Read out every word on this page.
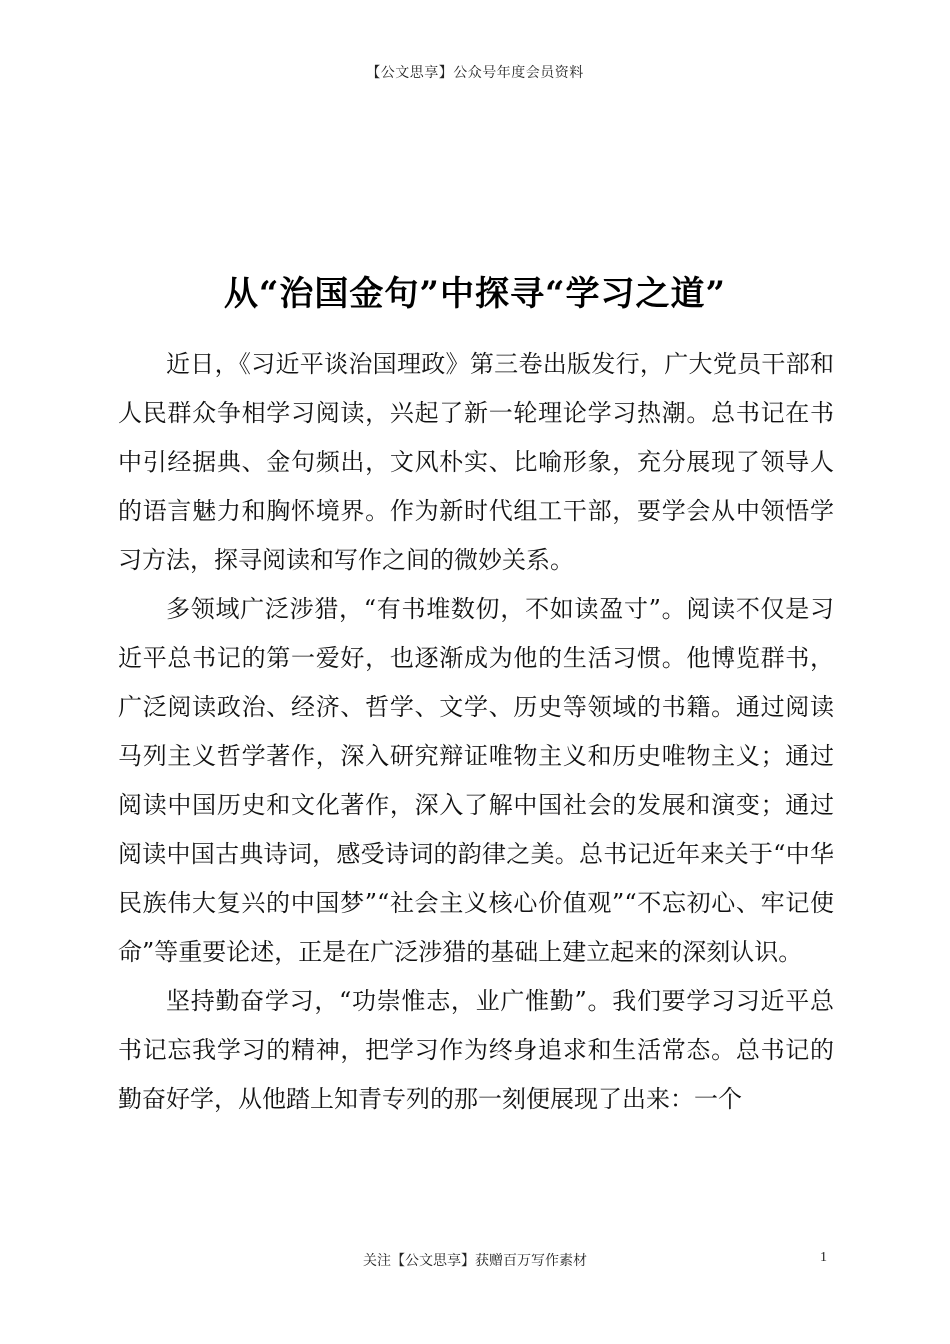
【公文思享】公众号年度会员资料
从“治国金句”中探寻“学习之道”

近日，《习近平谈治国理政》第三卷出版发行，广大党员干部和人民群众争相学习阅读，兴起了新一轮理论学习热潮。总书记在书中引经据典、金句频出，文风朴实、比喻形象，充分展现了领导人的语言魅力和胸怀境界。作为新时代组工干部，要学会从中领悟学习方法，探寻阅读和写作之间的微妙关系。

多领域广泛涉猎，“有书堆数仞，不如读盈寸”。阅读不仅是习近平总书记的第一爱好，也逐渐成为他的生活习惯。他博览群书，广泛阅读政治、经济、哲学、文学、历史等领域的书籍。通过阅读马列主义哲学著作，深入研究辩证唯物主义和历史唯物主义；通过阅读中国历史和文化著作，深入了解中国社会的发展和演变；通过阅读中国古典诗词，感受诗词的韵律之美。总书记近年来关于“中华民族伟大复兴的中国梦”“社会主义核心价值观”“不忘初心、牢记使命”等重要论述，正是在广泛涉猎的基础上建立起来的深刻认识。

坚持勤奋学习，“功崇惟志，业广惟勤”。我们要学习习近平总书记忘我学习的精神，把学习作为终身追求和生活常态。总书记的勤奋好学，从他踏上知青专列的那一刻便展现了出来：一个

关注【公文思享】获赠百万写作素材	1
